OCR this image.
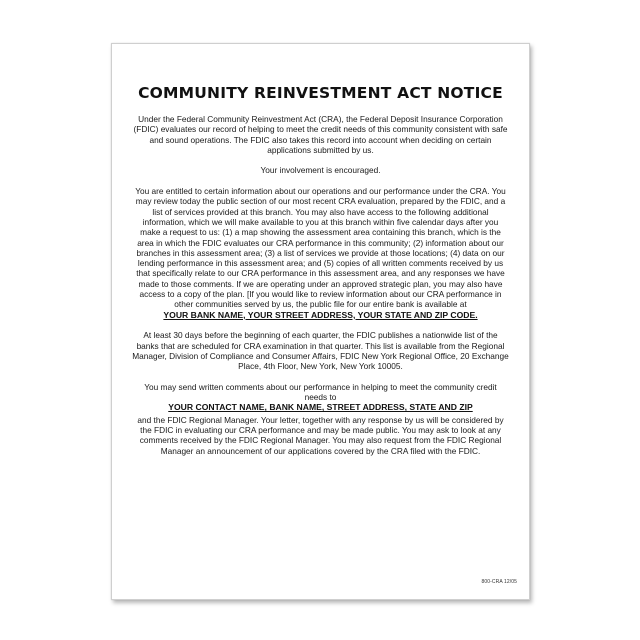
COMMUNITY REINVESTMENT ACT NOTICE

Under the Federal Community Reinvestment Act (CRA), the Federal Deposit Insurance Corporation (FDIC) evaluates our record of helping to meet the credit needs of this community consistent with safe and sound operations. The FDIC also takes this record into account when deciding on certain applications submitted by us.

Your involvement is encouraged.

You are entitled to certain information about our operations and our performance under the CRA. You may review today the public section of our most recent CRA evaluation, prepared by the FDIC, and a list of services provided at this branch. You may also have access to the following additional information, which we will make available to you at this branch within five calendar days after you make a request to us: (1) a map showing the assessment area containing this branch, which is the area in which the FDIC evaluates our CRA performance in this community; (2) information about our branches in this assessment area; (3) a list of services we provide at those locations; (4) data on our lending performance in this assessment area; and (5) copies of all written comments received by us that specifically relate to our CRA performance in this assessment area, and any responses we have made to those comments. If we are operating under an approved strategic plan, you may also have access to a copy of the plan. [If you would like to review information about our CRA performance in other communities served by us, the public file for our entire bank is available at
YOUR BANK NAME, YOUR STREET ADDRESS, YOUR STATE AND ZIP CODE.

At least 30 days before the beginning of each quarter, the FDIC publishes a nationwide list of the banks that are scheduled for CRA examination in that quarter. This list is available from the Regional Manager, Division of Compliance and Consumer Affairs, FDIC New York Regional Office, 20 Exchange Place, 4th Floor, New York, New York 10005.

You may send written comments about our performance in helping to meet the community credit needs to
YOUR CONTACT NAME, BANK NAME, STREET ADDRESS, STATE AND ZIP

and the FDIC Regional Manager. Your letter, together with any response by us will be considered by the FDIC in evaluating our CRA performance and may be made public. You may ask to look at any comments received by the FDIC Regional Manager. You may also request from the FDIC Regional Manager an announcement of our applications covered by the CRA filed with the FDIC.

800-CRA 12/05
